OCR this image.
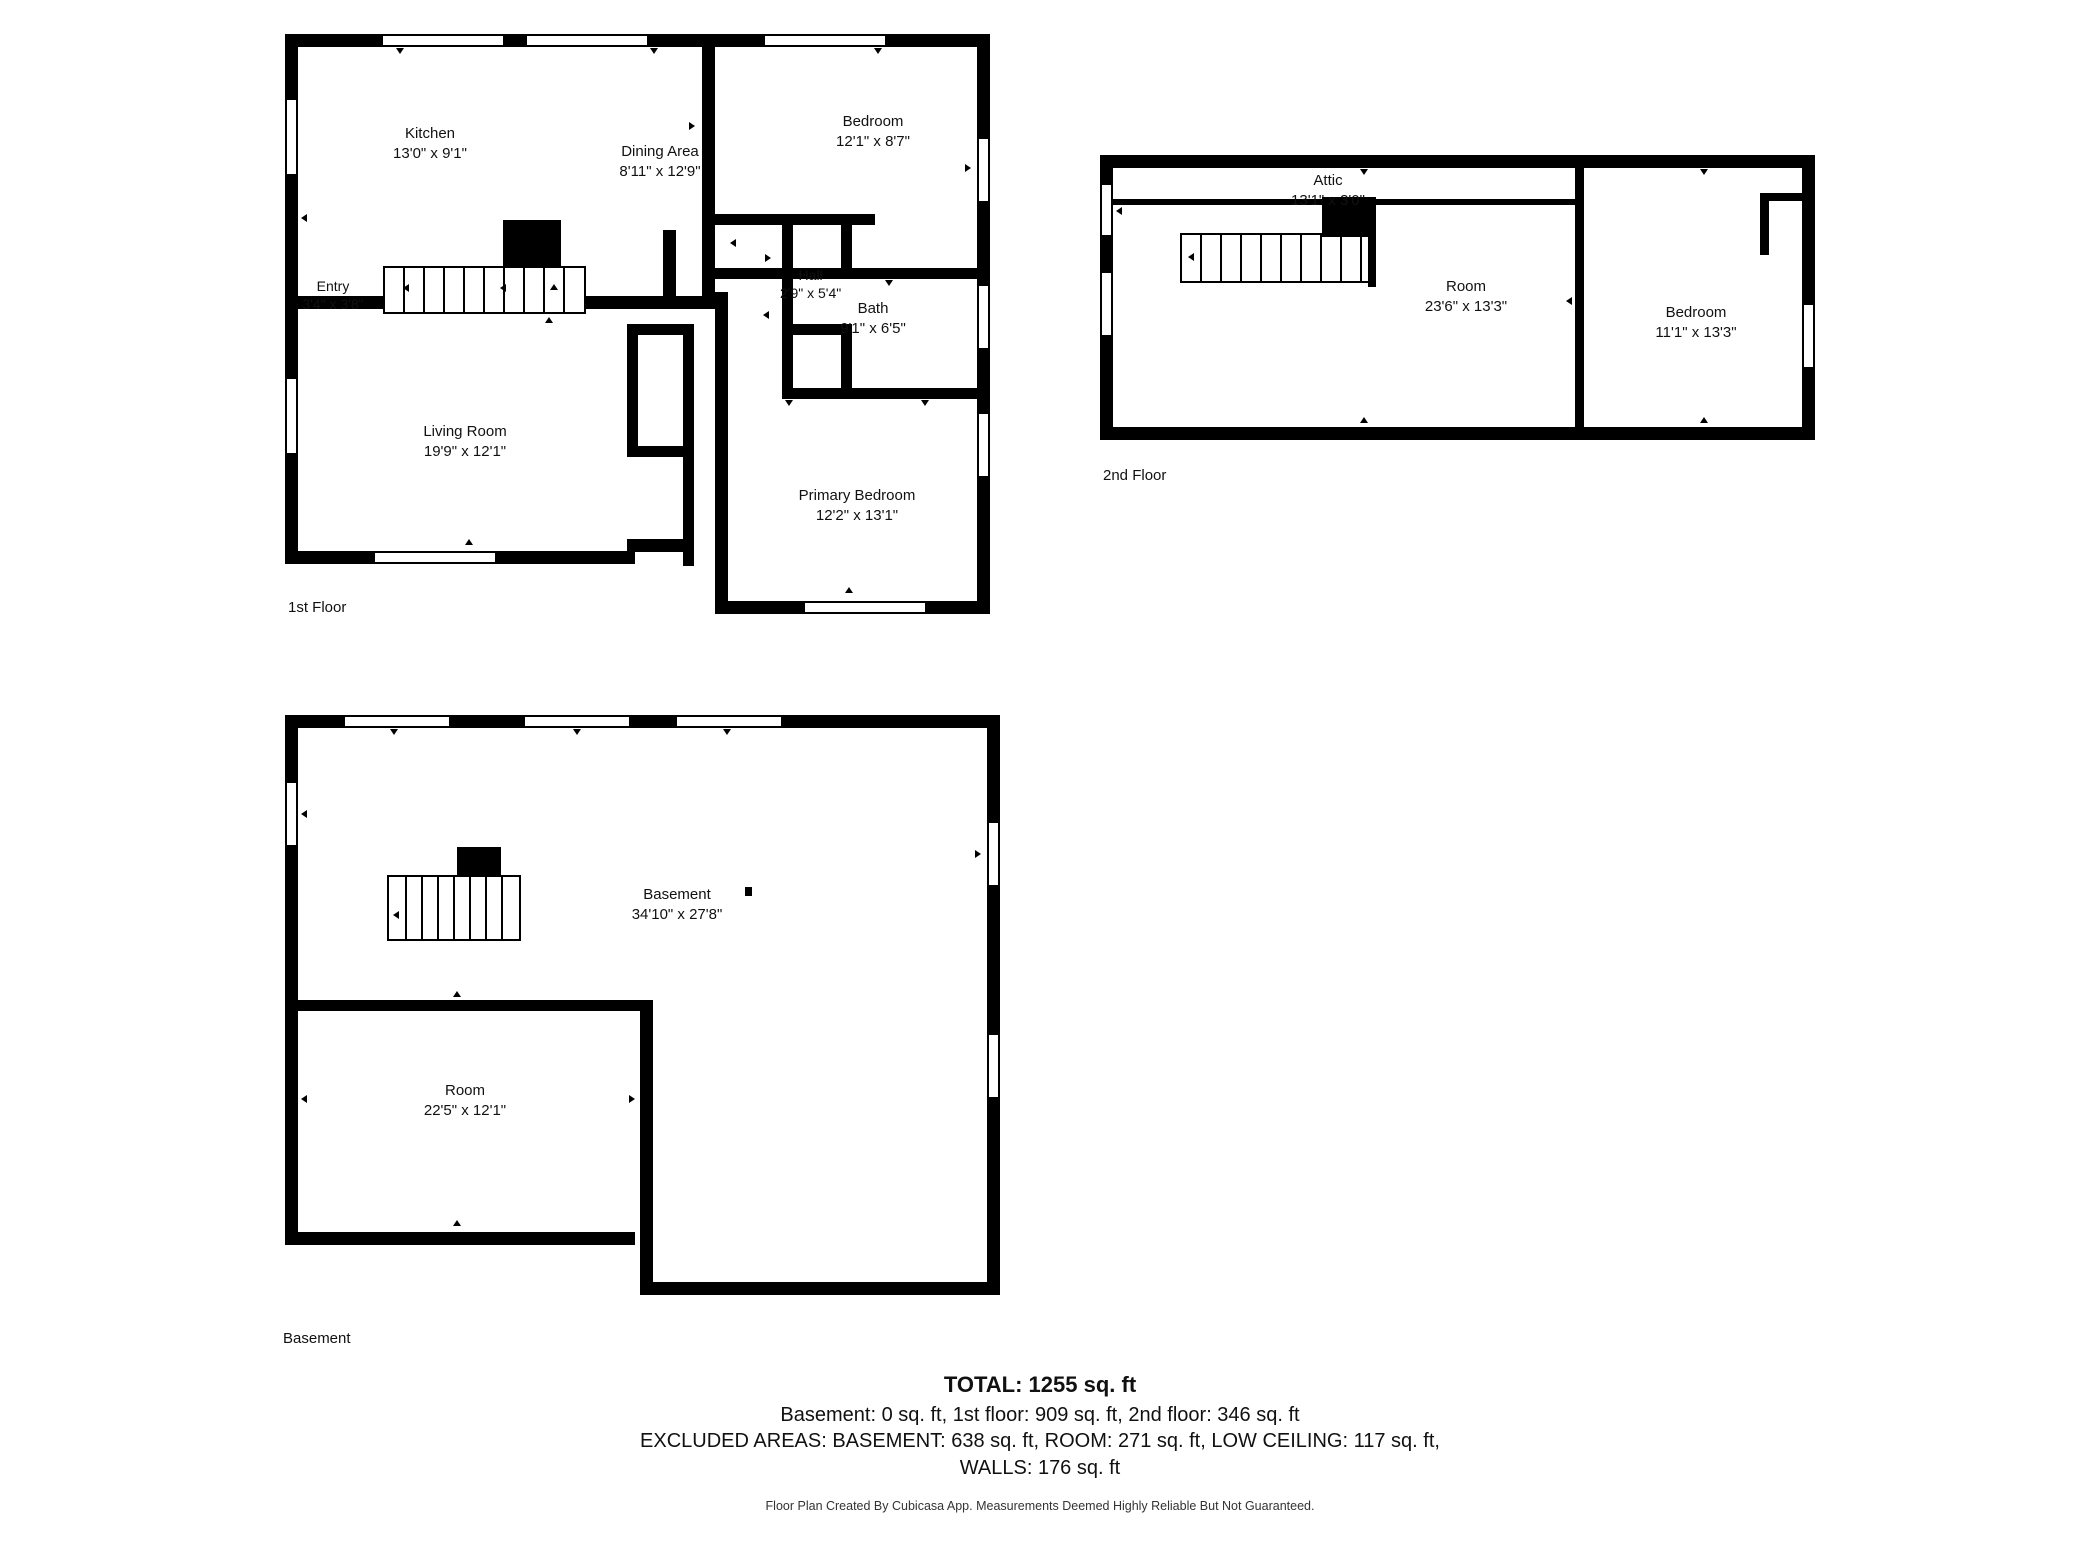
Kitchen
13'0" x 9'1"	Dining Area
8'11" x 12'9"
Bedroom
12'1" x 8'7"
Entry
3'4" x 3'8"
Hall
2'9" x 5'4"
Bath
9'1" x 6'5"
Living Room
19'9" x 12'1"
Primary Bedroom
12'2" x 13'1"
1st Floor
Attic
13'1" x 3'0"
Room
23'6" x 13'3"	Bedroom
11'1" x 13'3"
2nd Floor
Basement
34'10" x 27'8"
Room
22'5" x 12'1"
Basement
TOTAL: 1255 sq. ft
Basement: 0 sq. ft, 1st floor: 909 sq. ft, 2nd floor: 346 sq. ft
EXCLUDED AREAS: BASEMENT: 638 sq. ft, ROOM: 271 sq. ft, LOW CEILING: 117 sq. ft,
WALLS: 176 sq. ft
Floor Plan Created By Cubicasa App. Measurements Deemed Highly Reliable But Not Guaranteed.
